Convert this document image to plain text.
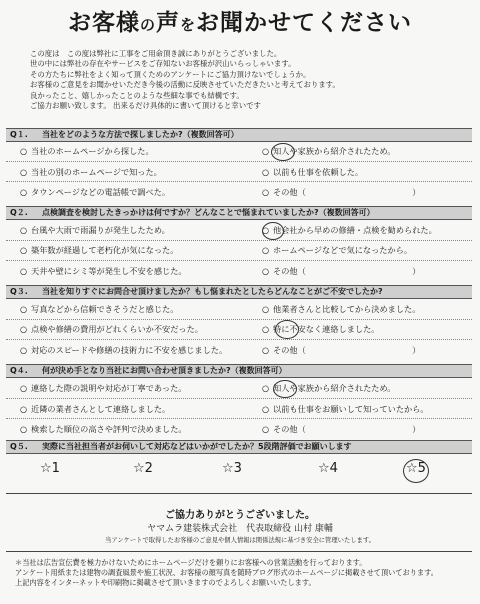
お客様の声をお聞かせてください
この度は　この度は弊社に工事をご用命頂き誠にありがとうございました。
世の中には弊社の存在やサービスをご存知ないお客様が沢山いらっしゃいます。
その方たちに弊社をよく知って頂くためのアンケートにご協力頂けないでしょうか。
お客様のご意見をお聞かせいただき今後の活動に反映させていただきたいと考えております。
良かったこと、嬉しかったことのような些細な事でも結構です。
ご協力お願い致します。 出来るだけ具体的に書いて頂けると幸いです
Q１. 当社をどのような方法で探しましたか?（複数回答可）
○ 当社のホームページから探した。
○ 当社の別のホームページで知った。
○ タウンページなどの電話帳で調べた。
○ 知人や家族から紹介されたため。
○ 以前も仕事を依頼した。
○ その他（　　　　　　　　　　　　　）
Q２. 点検調査を検討したきっかけは何ですか？どんなことで悩まれていましたか?（複数回答可）
○ 台風や大雨で雨漏りが発生したため。
○ 築年数が経過して老朽化が気になった。
○ 天井や壁にシミ等が発生し不安を感じた。
○ 他会社から早めの修繕・点検を勧められた。
○ ホームページなどで気になったから。
○ その他（　　　　　　　　　　　　　）
Q３. 当社を知りすぐにお問合せ頂けましたか？もし悩まれたとしたらどんなことがご不安でしたか?
○ 写真などから信頼できそうだと感じた。
○ 点検や修繕の費用がどれくらいか不安だった。
○ 対応のスピードや修繕の技術力に不安を感じました。
○ 他業者さんと比較してから決めました。
○ 特に不安なく連絡しました。
○ その他（　　　　　　　　　　　　　）
Q４. 何が決め手となり当社にお問い合わせ頂きましたか?（複数回答可）
○ 連絡した際の説明や対応が丁寧であった。
○ 近隣の業者さんとして連絡しました。
○ 検索した順位の高さや評判で決めました。
○ 知人や家族から紹介されたため。
○ 以前も仕事をお願いして知っていたから。
○ その他（　　　　　　　　　　　　　）
Q５. 実際に当社担当者がお伺いして対応などはいかがでしたか？5段階評価でお願いします
☆1	☆2	☆3	☆4	☆5
ご協力ありがとうございました。
ヤマムラ建装株式会社　代表取締役 山村 康輔
当アンケートで取得したお客様のご意見や個人情報は関係法規に基づき安全に管理いたします。
＊当社は広告宣伝費を極力かけないためにホームページだけを頼りにお客様への営業活動を行っております。
アンケート用紙または建物の調査風景や施工状況、お客様の顔写真を随時ブログ形式のホームページに掲載させて頂いております。
上記内容をインターネットや印刷物に掲載させて頂いきますのでよろしくお願いいたします。
